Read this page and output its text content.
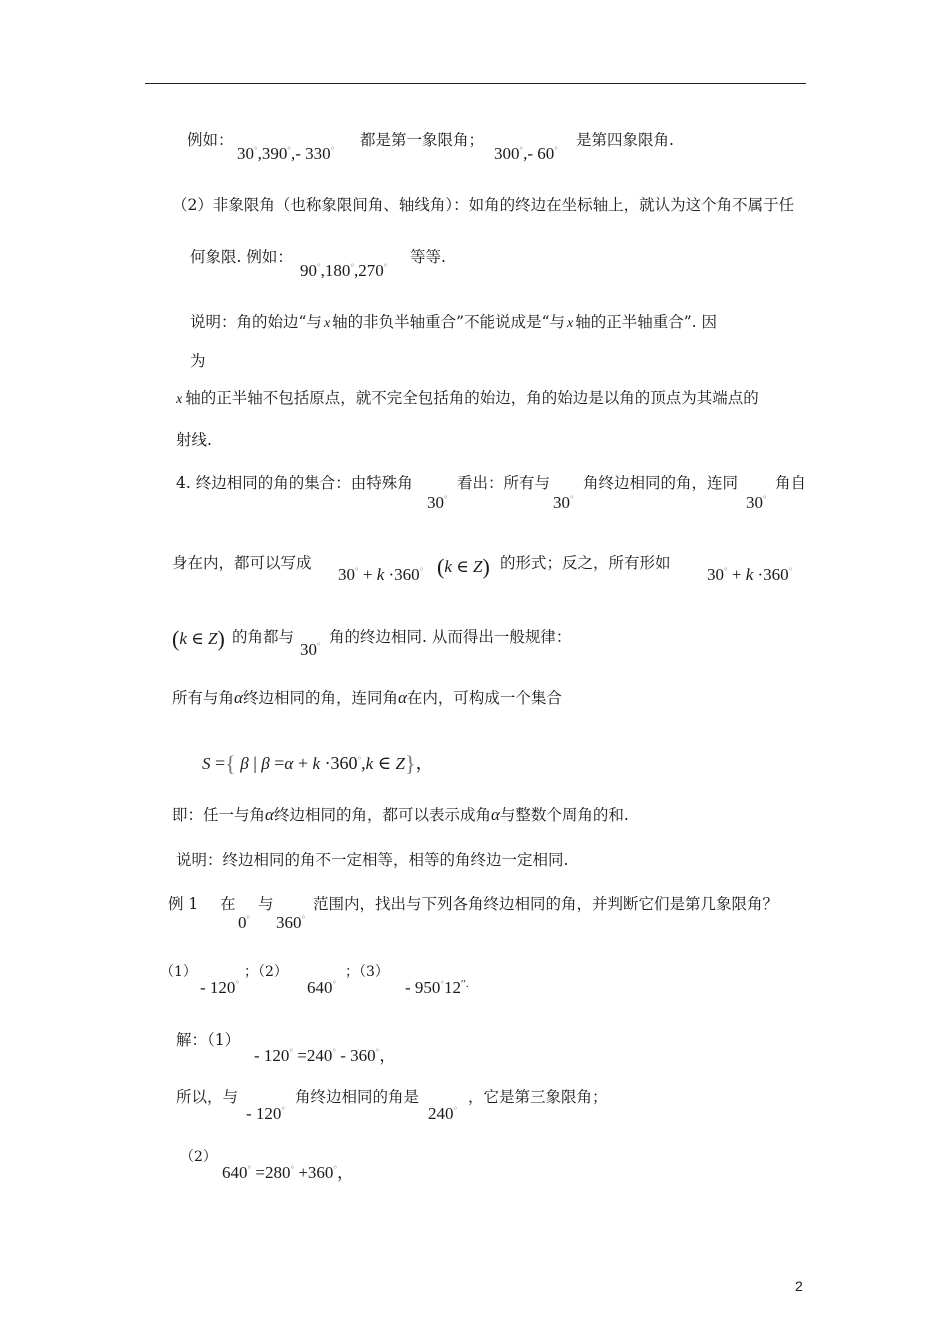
例如：
30°,390°,- 330°
都是第一象限角；
300°,- 60°
是第四象限角.
（2）非象限角（也称象限间角、轴线角）：如角的终边在坐标轴上，就认为这个角不属于任
何象限. 例如：
90°,180°,270°
等等.
说明：角的始边“与 x 轴的非负半轴重合”不能说成是“与 x 轴的正半轴重合”. 因
为
x 轴的正半轴不包括原点，就不完全包括角的始边，角的始边是以角的顶点为其端点的
射线.
4. 终边相同的角的集合：由特殊角
30°
看出：所有与
30°
角终边相同的角，连同
30°
角自
身在内，都可以写成
30° + k ·360° (k ∈ Z) 的形式；反之，所有形如
30° + k ·360°
(k ∈ Z) 的角都与
30° 角的终边相同. 从而得出一般规律：
所有与角α终边相同的角，连同角α在内，可构成一个集合
S ={ β | β =α + k ·360°,k ∈ Z}，
即：任一与角α终边相同的角，都可以表示成角α与整数个周角的和.
说明：终边相同的角不一定相等，相等的角终边一定相同.
例 1 在
0°
与
360°
范围内，找出与下列各角终边相同的角，并判断它们是第几象限角？
（1）
- 120°
；（2）
640°
；（3）
- 950°12′′.
解：（1）
- 120° =240° - 360°，
所以，与
- 120°
角终边相同的角是
240°
，它是第三象限角；
（2）
640° =280° +360°，
2
